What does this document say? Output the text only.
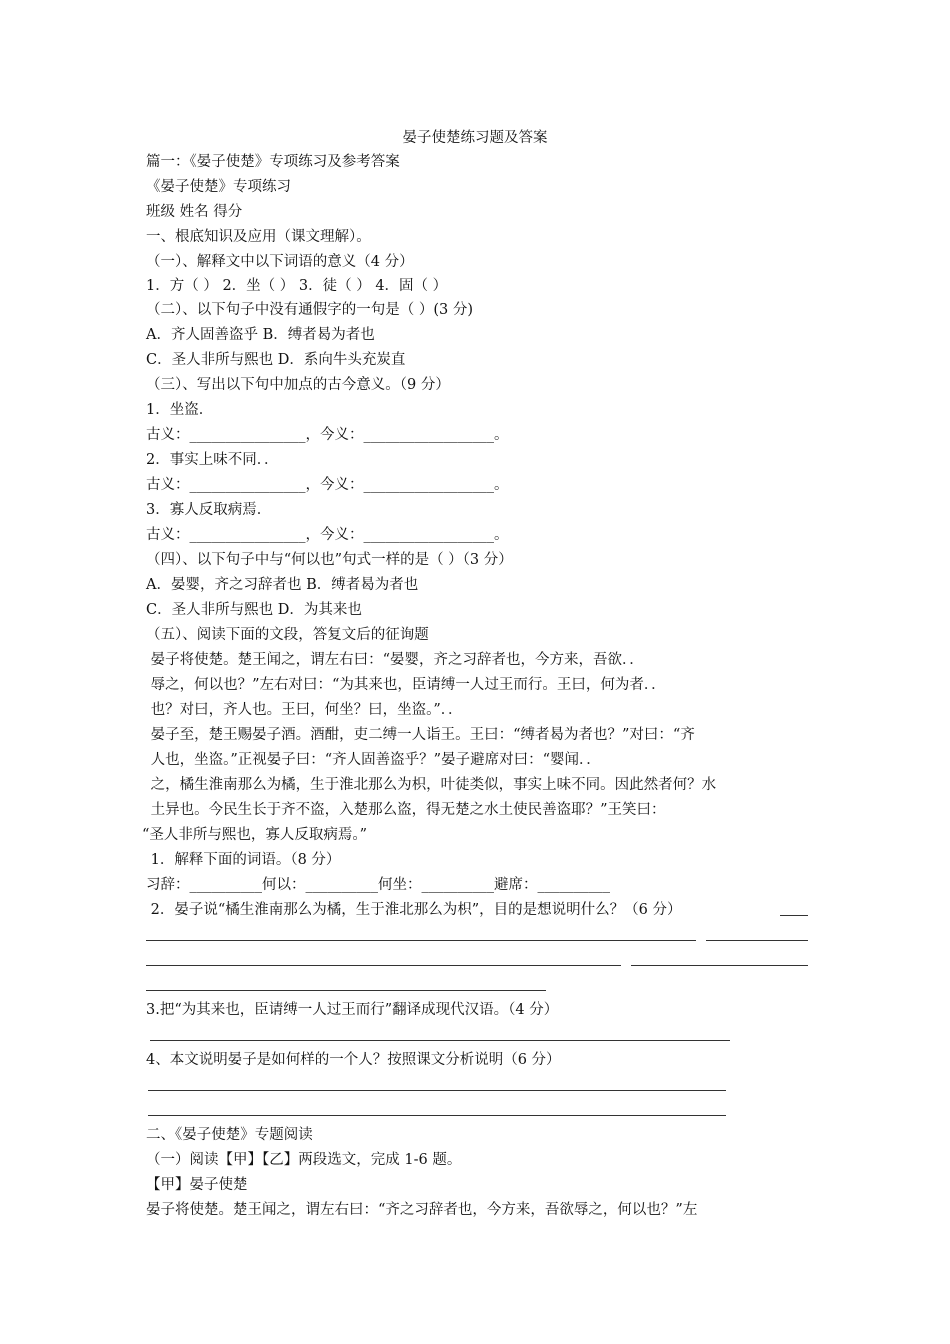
晏子使楚练习题及答案

篇一：《晏子使楚》专项练习及参考答案

《晏子使楚》专项练习

班级 姓名 得分

一、根底知识及应用（课文理解）。

（一）、解释文中以下词语的意义（4 分）

1．方（ ） 2．坐（ ） 3．徒（ ） 4．固（ ）

（二）、以下句子中没有通假字的一句是（ ）(3 分)

A．齐人固善盗乎 B．缚者曷为者也

C．圣人非所与熙也 D．系向牛头充炭直

（三）、写出以下句中加点的古今意义。（9 分）

1．坐盗．

古义：________________，今义：__________________。

2．事实上味不同．．

古义：________________，今义：__________________。

3．寡人反取病焉．

古义：________________，今义：__________________。

（四）、以下句子中与“何以也”句式一样的是（ ）（3 分）

A．晏婴，齐之习辞者也 B．缚者曷为者也

C．圣人非所与熙也 D．为其来也

（五）、阅读下面的文段，答复文后的征询题

晏子将使楚。楚王闻之，谓左右曰：“晏婴，齐之习辞者也，今方来，吾欲．．

辱之，何以也？”左右对曰：“为其来也，臣请缚一人过王而行。王曰，何为者．．

也？对曰，齐人也。王曰，何坐？曰，坐盗。”．．

晏子至，楚王赐晏子酒。酒酣，吏二缚一人诣王。王曰：“缚者曷为者也？”对曰：“齐

人也，坐盗。”正视晏子曰：“齐人固善盗乎？”晏子避席对曰：“婴闻．．

之，橘生淮南那么为橘，生于淮北那么为枳，叶徒类似，事实上味不同。因此然者何？水

土异也。今民生长于齐不盗，入楚那么盗，得无楚之水土使民善盗耶？”王笑曰：

“圣人非所与熙也，寡人反取病焉。”

1．解释下面的词语。（8 分）

习辞：__________何以：__________何坐：__________避席：__________

2．晏子说“橘生淮南那么为橘，生于淮北那么为枳”，目的是想说明什么？（6 分）

3.把“为其来也，臣请缚一人过王而行”翻译成现代汉语。（4 分）

4、本文说明晏子是如何样的一个人？按照课文分析说明（6 分）

二、《晏子使楚》专题阅读

（一）阅读【甲】【乙】两段选文，完成 1-6 题。

【甲】晏子使楚

晏子将使楚。楚王闻之，谓左右曰：“齐之习辞者也，今方来，吾欲辱之，何以也？”左
